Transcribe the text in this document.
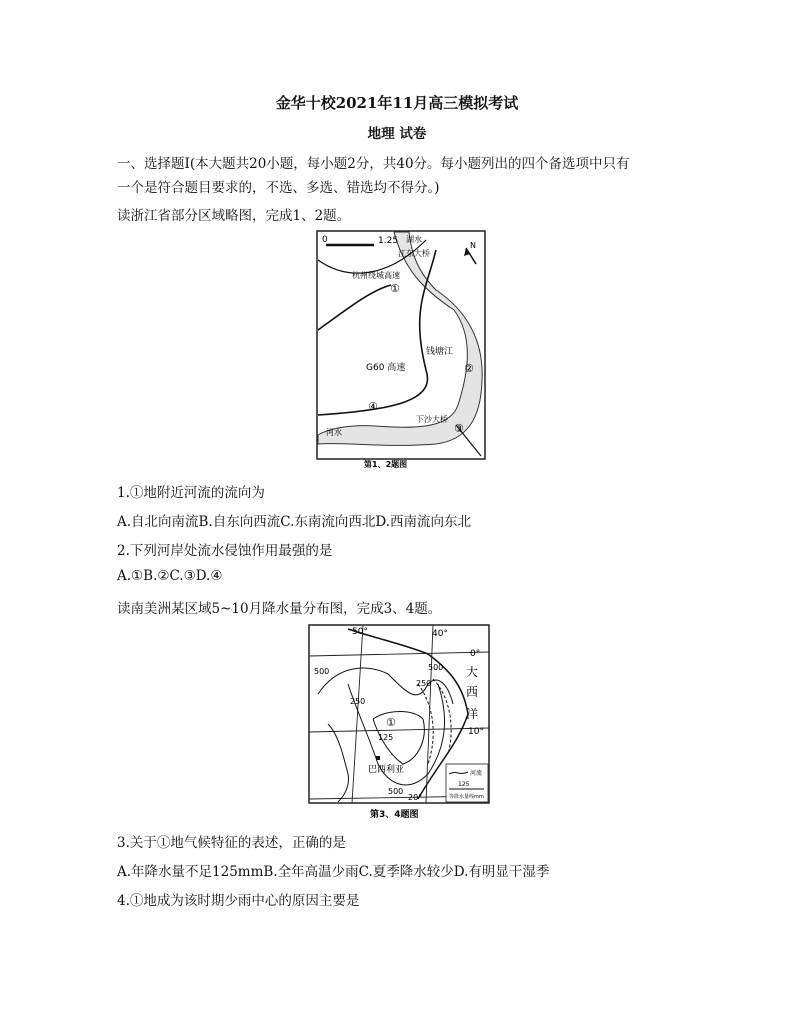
金华十校2021年11月高三模拟考试
地理 试卷
一、选择题Ⅰ(本大题共20小题，每小题2分，共40分。每小题列出的四个备选项中只有
一个是符合题目要求的，不选、多选、错选均不得分。)
读浙江省部分区域略图，完成1、2题。
0	1.25 湖水
江东大桥
杭州绕城高速
钱塘江
G60 高速
下沙大桥
河水
①
②
③
④
N
第1、2题图
1.①地附近河流的流向为
A.自北向南流B.自东向西流C.东南流向西北D.西南流向东北
2.下列河岸处流水侵蚀作用最强的是
A.①B.②C.③D.④
读南美洲某区域5~10月降水量分布图，完成3、4题。
50°	40°
0°
10°
20°
大
西
洋
500	500
250
250
125
500
①
巴西利亚	河流
125
等降水量线mm
第3、4题图
3.关于①地气候特征的表述，正确的是
A.年降水量不足125mmB.全年高温少雨C.夏季降水较少D.有明显干湿季
4.①地成为该时期少雨中心的原因主要是
